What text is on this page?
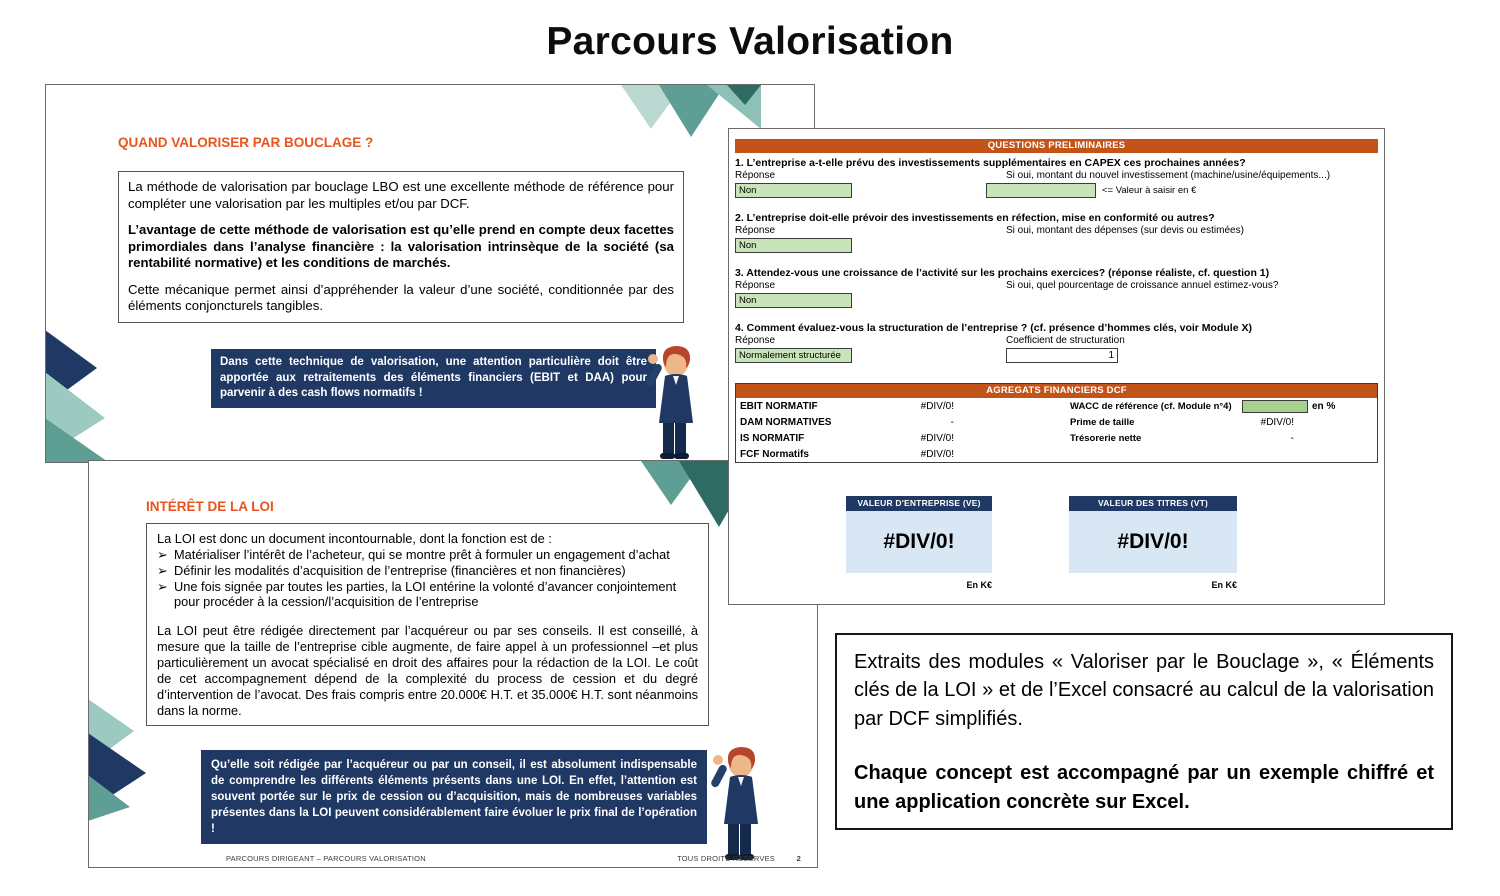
Parcours Valorisation
QUAND VALORISER PAR BOUCLAGE ?

La méthode de valorisation par bouclage LBO est une excellente méthode de référence pour compléter une valorisation par les multiples et/ou par DCF.

L’avantage de cette méthode de valorisation est qu’elle prend en compte deux facettes primordiales dans l’analyse financière : la valorisation intrinsèque de la société (sa rentabilité normative) et les conditions de marchés.

Cette mécanique permet ainsi d’appréhender la valeur d’une société, conditionnée par des éléments conjoncturels tangibles.

Dans cette technique de valorisation, une attention particulière doit être apportée aux retraitements des éléments financiers (EBIT et DAA) pour parvenir à des cash flows normatifs !
INTÉRÊT DE LA LOI
La LOI est donc un document incontournable, dont la fonction est de :
➢ Matérialiser l’intérêt de l’acheteur, qui se montre prêt à formuler un engagement d’achat
➢ Définir les modalités d’acquisition de l’entreprise (financières et non financières)
➢ Une fois signée par toutes les parties, la LOI entérine la volonté d’avancer conjointement pour procéder à la cession/l’acquisition de l’entreprise

La LOI peut être rédigée directement par l’acquéreur ou par ses conseils. Il est conseillé, à mesure que la taille de l’entreprise cible augmente, de faire appel à un professionnel –et plus particulièrement un avocat spécialisé en droit des affaires pour la rédaction de la LOI. Le coût de cet accompagnement dépend de la complexité du process de cession et du degré d’intervention de l’avocat. Des frais compris entre 20.000€ H.T. et 35.000€ H.T. sont néanmoins dans la norme.

Qu’elle soit rédigée par l’acquéreur ou par un conseil, il est absolument indispensable de comprendre les différents éléments présents dans une LOI. En effet, l’attention est souvent portée sur le prix de cession ou d’acquisition, mais de nombreuses variables présentes dans la LOI peuvent considérablement faire évoluer le prix final de l’opération !
PARCOURS DIRIGEANT – PARCOURS VALORISATION	TOUS DROITS RESERVES	2
QUESTIONS PRELIMINAIRES
1. L’entreprise a-t-elle prévu des investissements supplémentaires en CAPEX ces prochaines années?
Réponse	Si oui, montant du nouvel investissement (machine/usine/équipements...)
Non	<= Valeur à saisir en €
2. L’entreprise doit-elle prévoir des investissements en réfection, mise en conformité ou autres?
Réponse	Si oui, montant des dépenses (sur devis ou estimées)
Non
3. Attendez-vous une croissance de l’activité sur les prochains exercices? (réponse réaliste, cf. question 1)
Réponse	Si oui, quel pourcentage de croissance annuel estimez-vous?
Non
4. Comment évaluez-vous la structuration de l’entreprise ? (cf. présence d’hommes clés, voir Module X)
Réponse	Coefficient de structuration
Normalement structurée	1
AGREGATS FINANCIERS DCF
EBIT NORMATIF	#DIV/0!	WACC de référence (cf. Module n°4)	en %
DAM NORMATIVES	-	Prime de taille	#DIV/0!
IS NORMATIF	#DIV/0!	Trésorerie nette	-
FCF Normatifs	#DIV/0!
VALEUR D'ENTREPRISE (VE)
#DIV/0!
En K€
VALEUR DES TITRES (VT)
#DIV/0!
En K€

Extraits des modules « Valoriser par le Bouclage », « Éléments clés de la LOI » et de l’Excel consacré au calcul de la valorisation par DCF simplifiés.

Chaque concept est accompagné par un exemple chiffré et une application concrète sur Excel.
